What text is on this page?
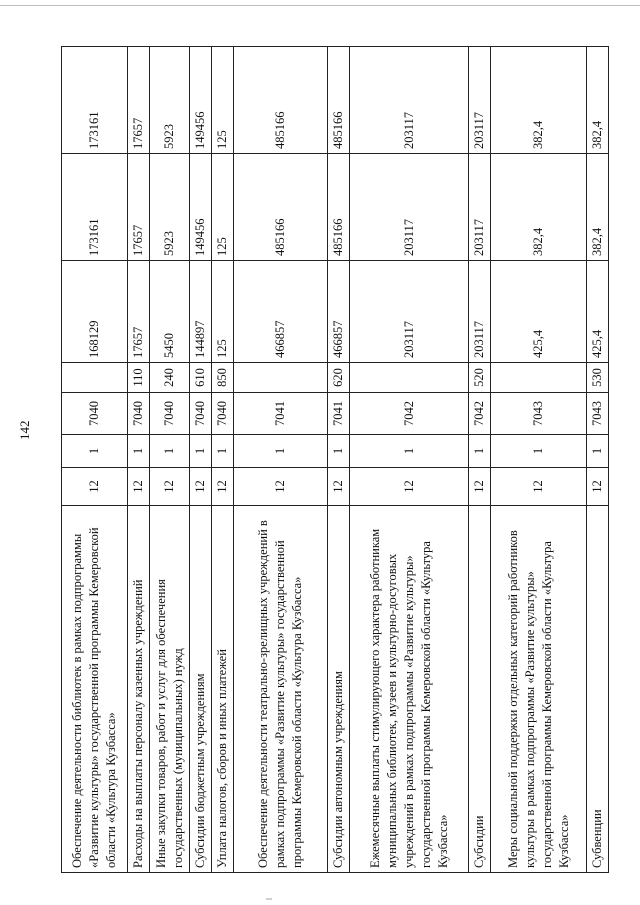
142
Обеспечение деятельности библиотек в рамках подпрограммы «Развитие культуры» государственной программы Кемеровской области «Культура Кузбасса»	12	1	7040		168129	173161	173161
Расходы на выплаты персоналу казенных учреждений	12	1	7040	110	17657	17657	17657
Иные закупки товаров, работ и услуг для обеспечения государственных (муниципальных) нужд	12	1	7040	240	5450	5923	5923
Субсидии бюджетным учреждениям	12	1	7040	610	144897	149456	149456
Уплата налогов, сборов и иных платежей	12	1	7040	850	125	125	125
Обеспечение деятельности театрально-зрелищных учреждений в рамках подпрограммы «Развитие культуры» государственной программы Кемеровской области «Культура Кузбасса»	12	1	7041		466857	485166	485166
Субсидии автономным учреждениям	12	1	7041	620	466857	485166	485166
Ежемесячные выплаты стимулирующего характера работникам муниципальных библиотек, музеев и культурно-досуговых учреждений в рамках подпрограммы «Развитие культуры» государственной программы Кемеровской области «Культура Кузбасса»	12	1	7042		203117	203117	203117
Субсидии	12	1	7042	520	203117	203117	203117
Меры социальной поддержки отдельных категорий работников культуры в рамках подпрограммы «Развитие культуры» государственной программы Кемеровской области «Культура Кузбасса»	12	1	7043		425,4	382,4	382,4
Субвенции	12	1	7043	530	425,4	382,4	382,4
